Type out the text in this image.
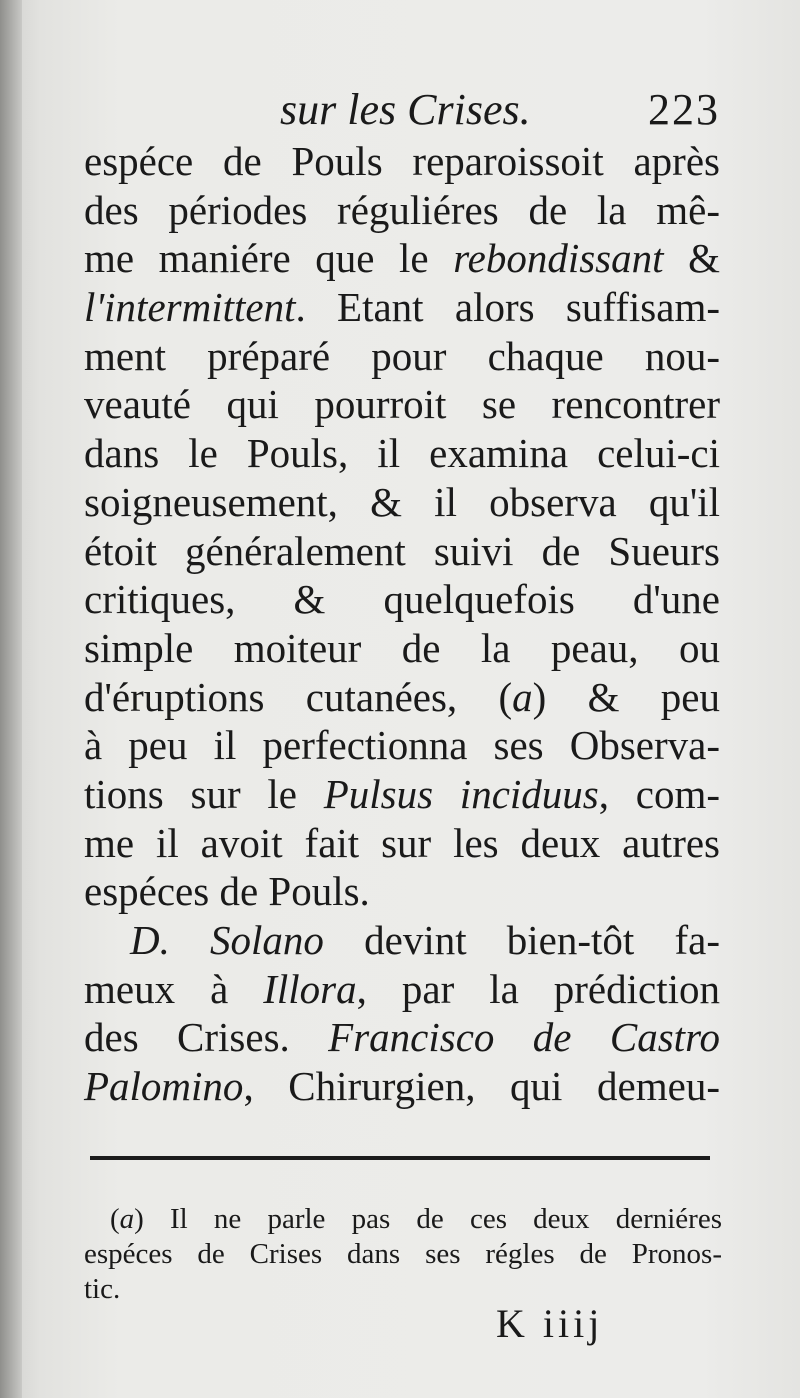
sur les Crises.	223
espéce de Pouls reparoissoit après
des périodes réguliéres de la mê-
me maniére que le rebondissant &
l'intermittent. Etant alors suffisam-
ment préparé pour chaque nou-
veauté qui pourroit se rencontrer
dans le Pouls, il examina celui-ci
soigneusement, & il observa qu'il
étoit généralement suivi de Sueurs
critiques, & quelquefois d'une
simple moiteur de la peau, ou
d'éruptions cutanées, (a) & peu
à peu il perfectionna ses Observa-
tions sur le Pulsus inciduus, com-
me il avoit fait sur les deux autres
espéces de Pouls.
D. Solano devint bien-tôt fa-
meux à Illora, par la prédiction
des Crises. Francisco de Castro
Palomino, Chirurgien, qui demeu-
(a) Il ne parle pas de ces deux derniéres
espéces de Crises dans ses régles de Pronos-
tic.
K iiij
